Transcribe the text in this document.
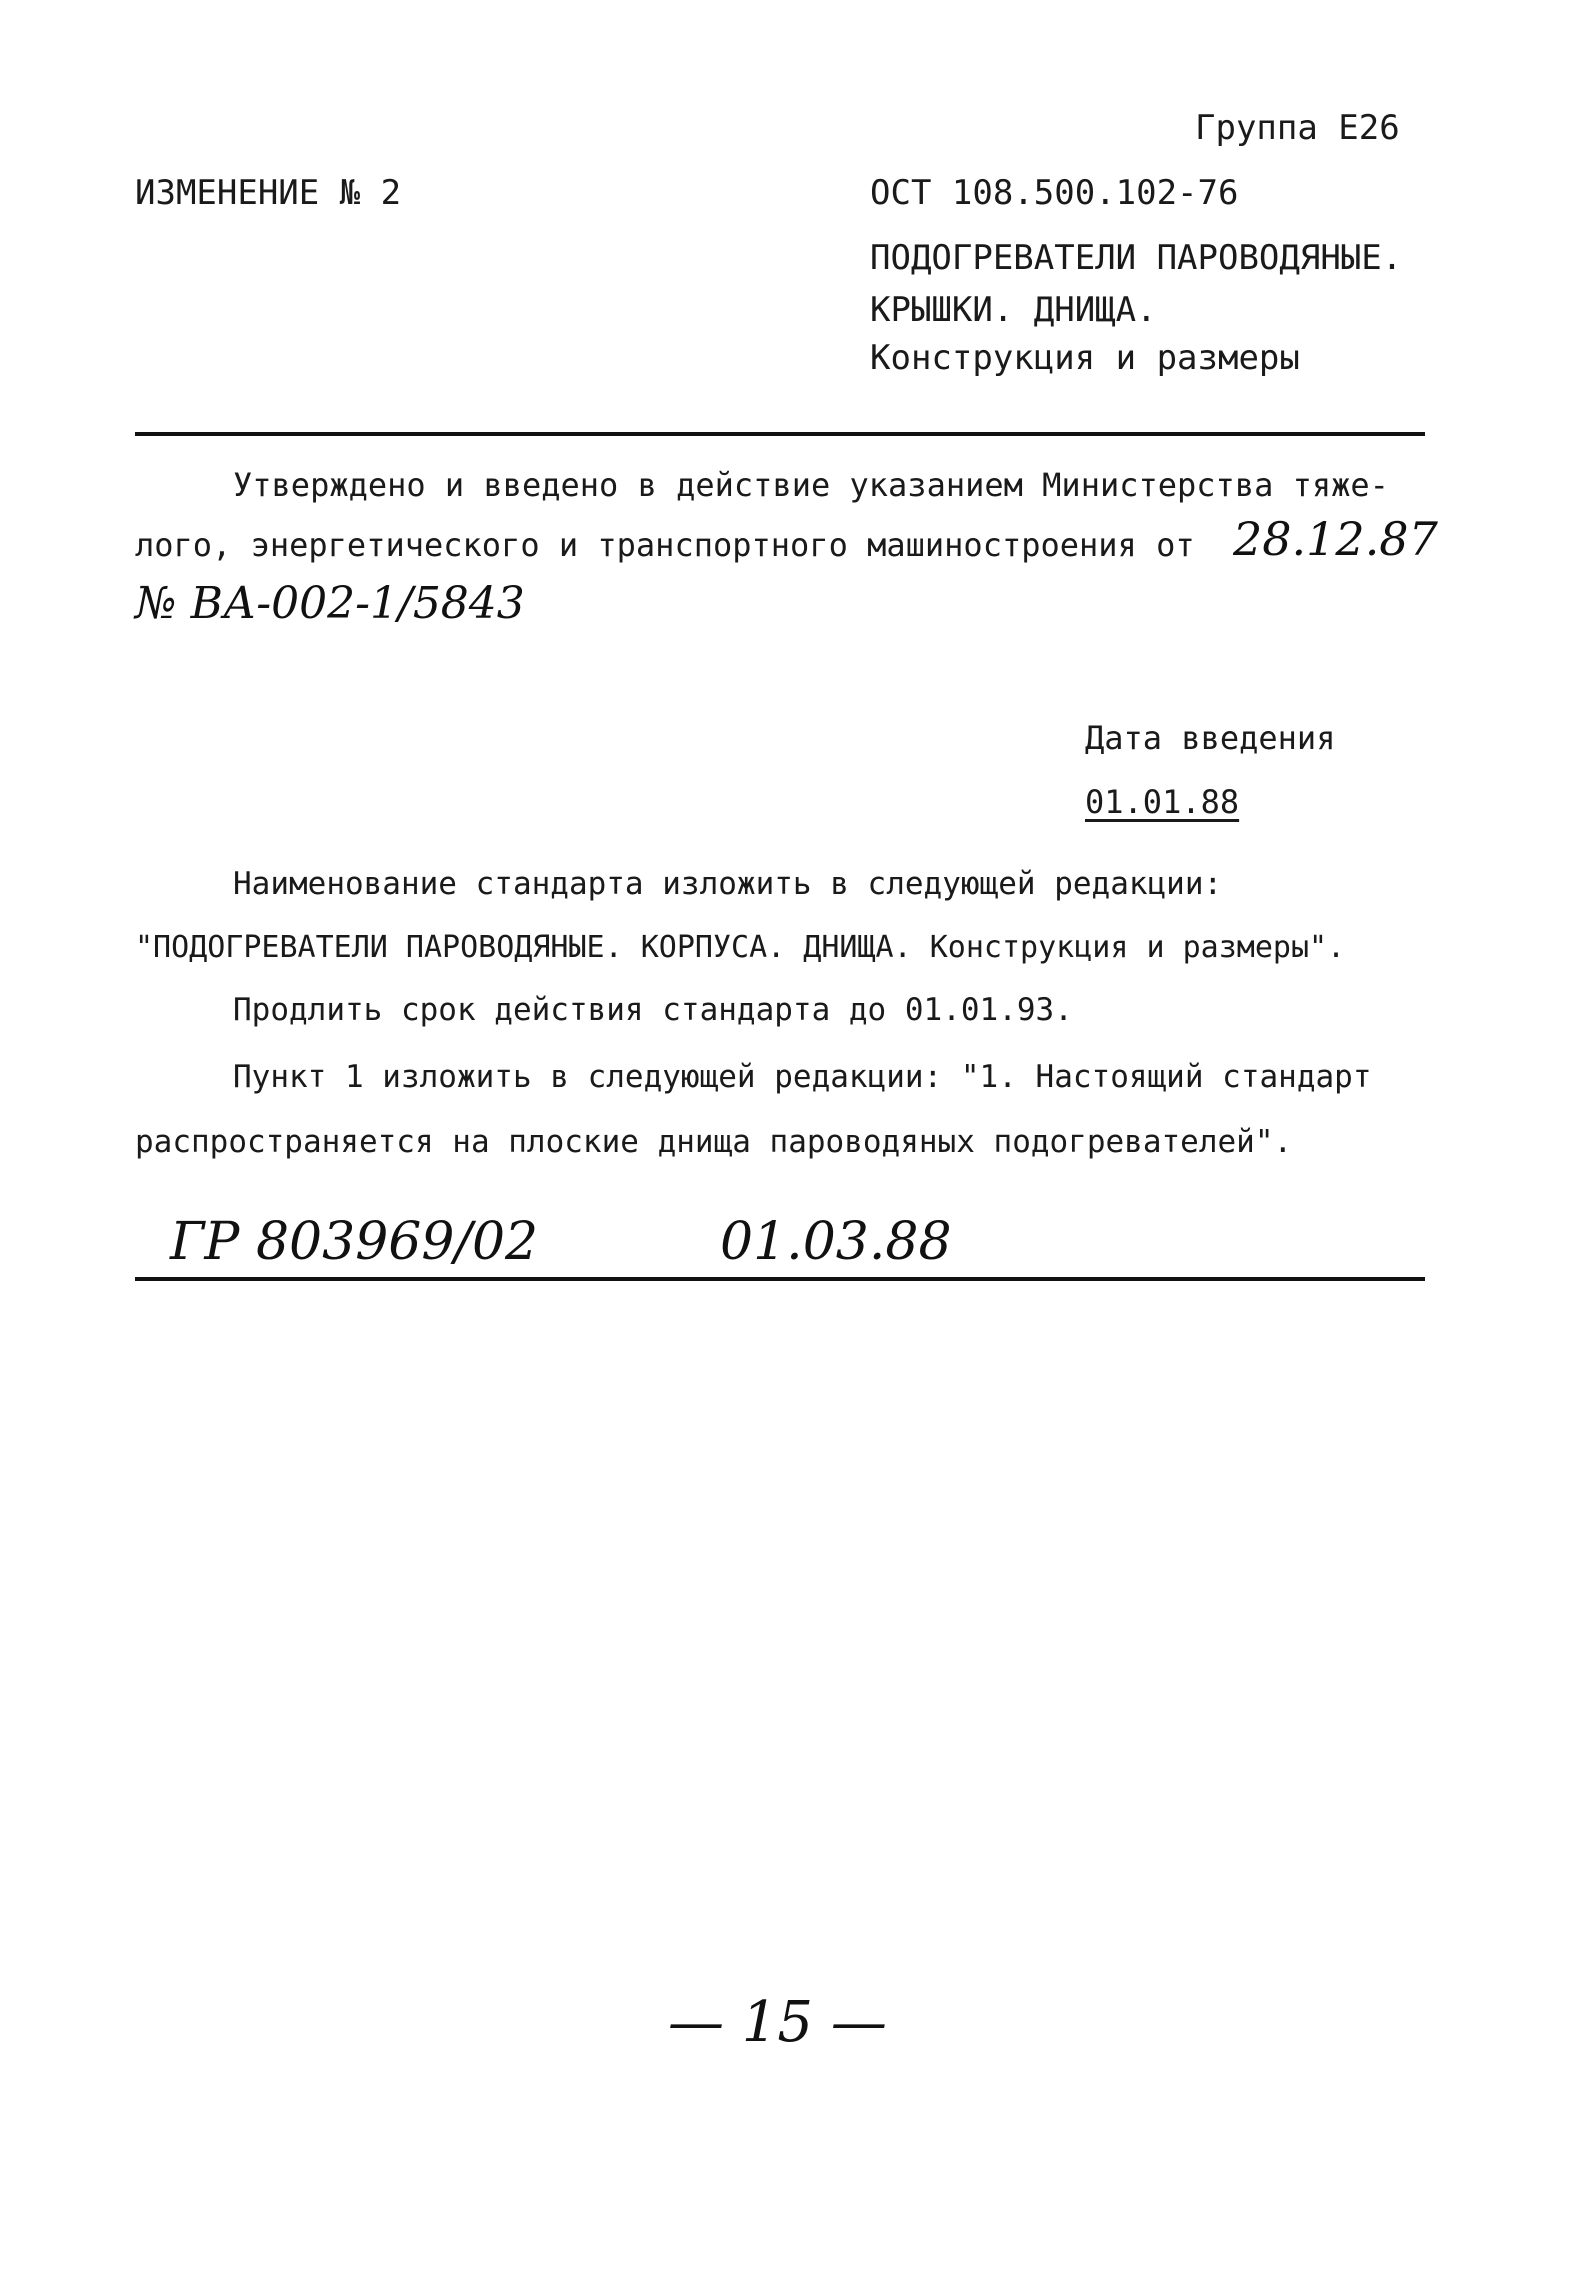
Группа Е26
ИЗМЕНЕНИЕ № 2	ОСТ 108.500.102-76
ПОДОГРЕВАТЕЛИ ПАРОВОДЯНЫЕ.
КРЫШКИ. ДНИЩА.
Конструкция и размеры
Утверждено и введено в действие указанием Министерства тяже-
лого, энергетического и транспортного машиностроения от 28.12.87
№ ВА-002-1/5843
Дата введения
01.01.88
Наименование стандарта изложить в следующей редакции:
"ПОДОГРЕВАТЕЛИ ПАРОВОДЯНЫЕ. КОРПУСА. ДНИЩА. Конструкция и размеры".
Продлить срок действия стандарта до 01.01.93.
Пункт 1 изложить в следующей редакции: "1. Настоящий стандарт
распространяется на плоские днища пароводяных подогревателей".
ГР 803969/02	01.03.88
— 15 —
